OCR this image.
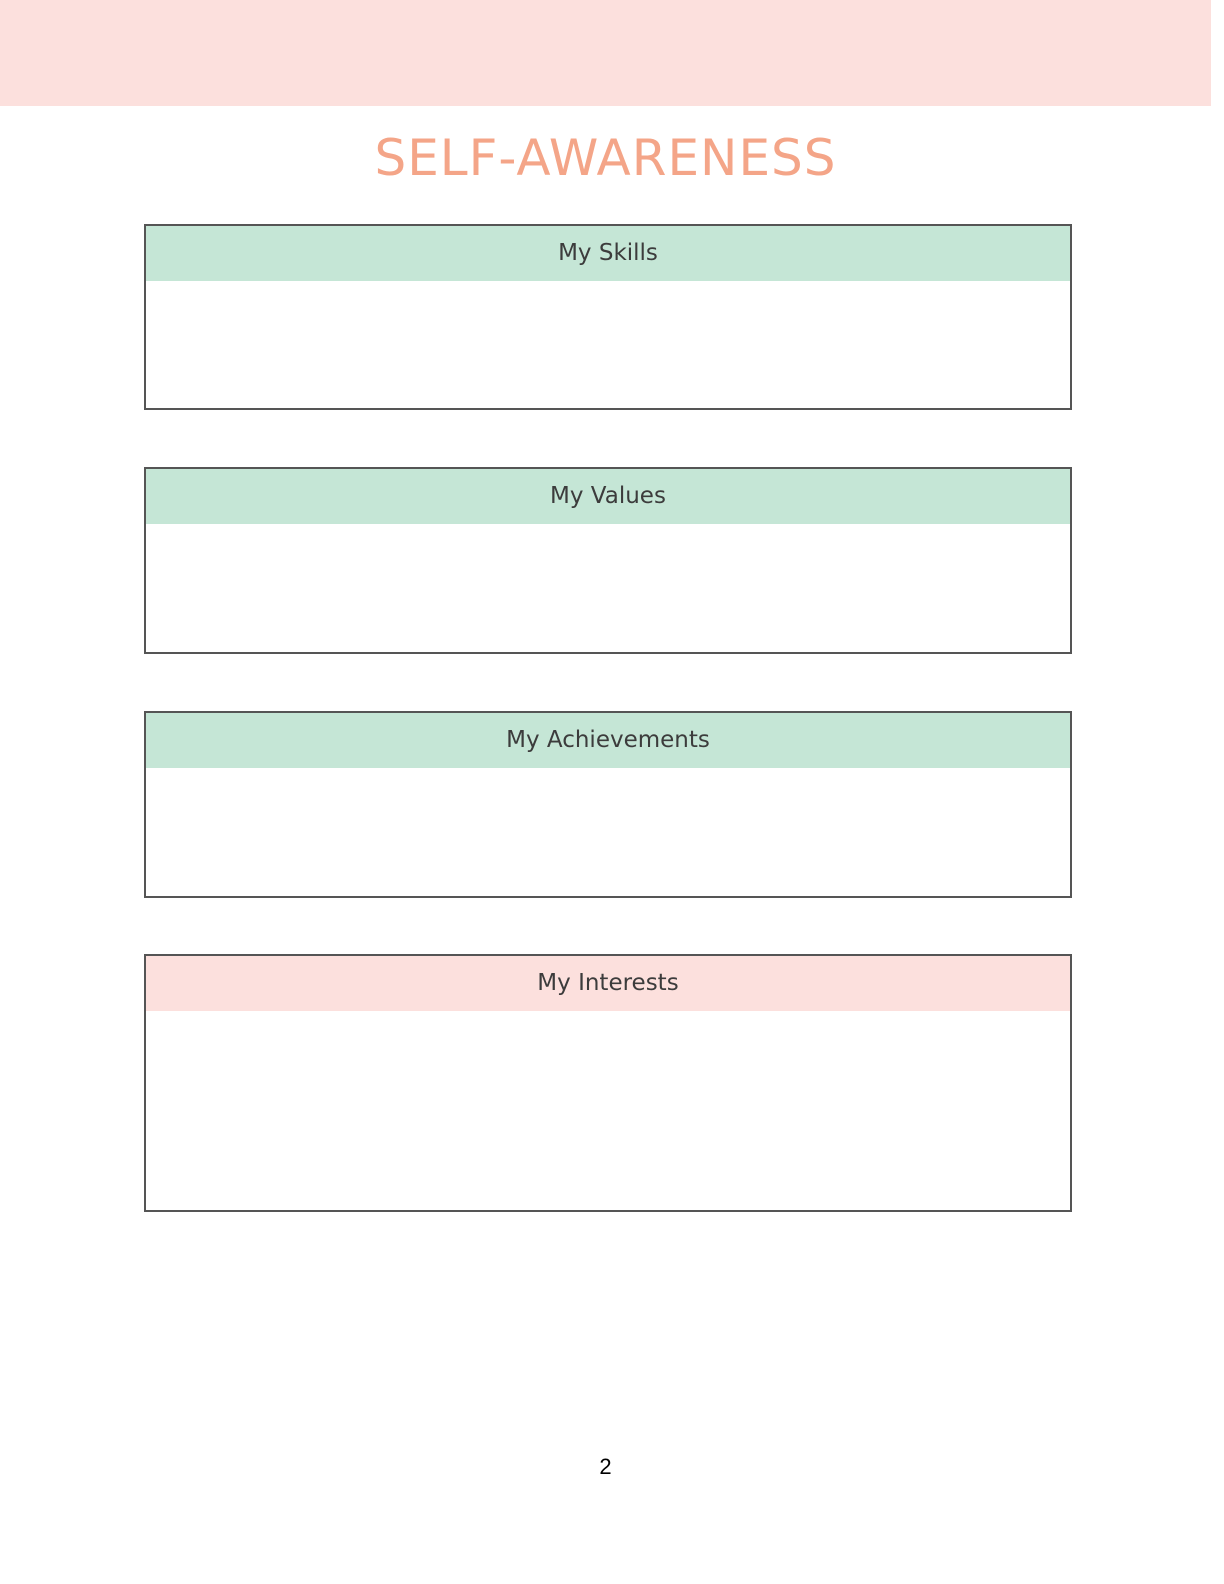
SELF-AWARENESS
My Skills
My Values
My Achievements
My Interests
2
